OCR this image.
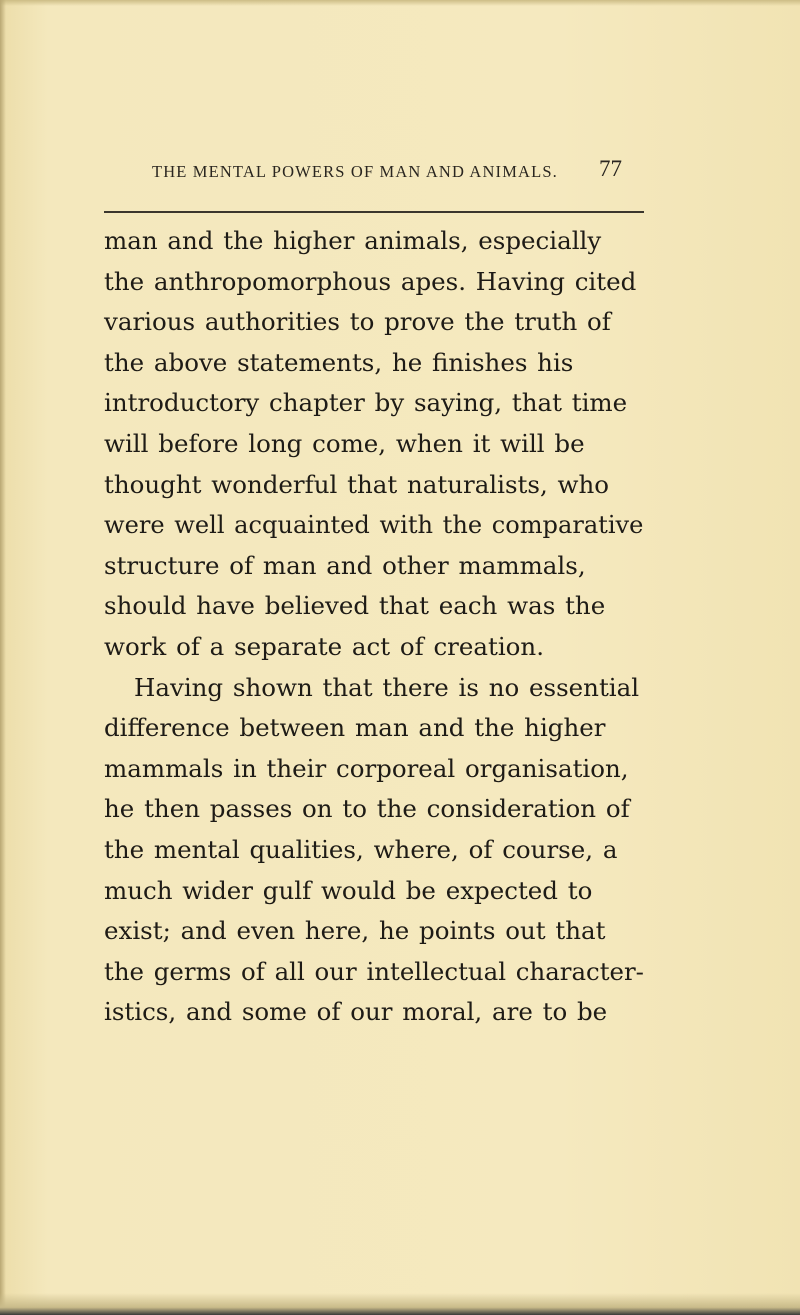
THE MENTAL POWERS OF MAN AND ANIMALS. 77
man and the higher animals, especially
the anthropomorphous apes. Having cited
various authorities to prove the truth of
the above statements, he finishes his
introductory chapter by saying, that time
will before long come, when it will be
thought wonderful that naturalists, who
were well acquainted with the comparative
structure of man and other mammals,
should have believed that each was the
work of a separate act of creation.
Having shown that there is no essential
difference between man and the higher
mammals in their corporeal organisation,
he then passes on to the consideration of
the mental qualities, where, of course, a
much wider gulf would be expected to
exist; and even here, he points out that
the germs of all our intellectual character-
istics, and some of our moral, are to be
